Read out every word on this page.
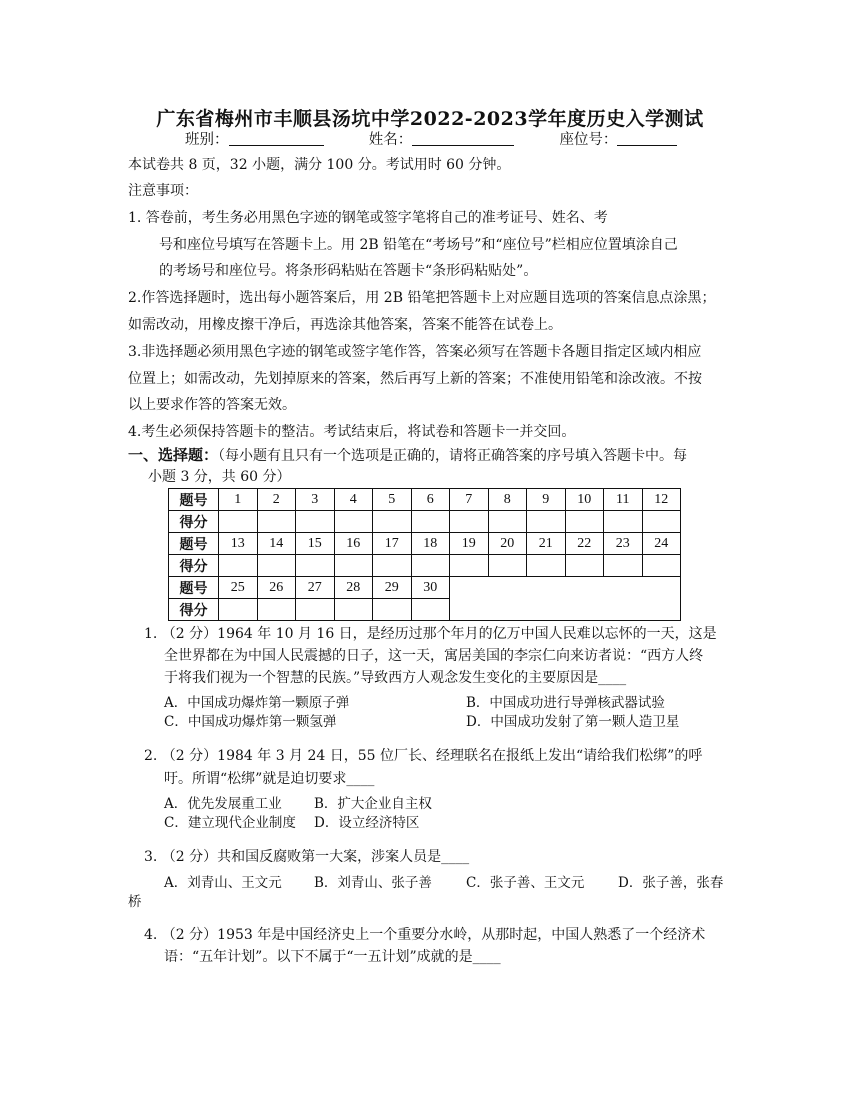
广东省梅州市丰顺县汤坑中学2022-2023学年度历史入学测试
班别：	姓名：	座位号：
本试卷共 8 页，32 小题，满分 100 分。考试用时 60 分钟。
注意事项：
1. 答卷前，考生务必用黑色字迹的钢笔或签字笔将自己的准考证号、姓名、考
号和座位号填写在答题卡上。用 2B 铅笔在“考场号”和“座位号”栏相应位置填涂自己
的考场号和座位号。将条形码粘贴在答题卡“条形码粘贴处”。
2.作答选择题时，选出每小题答案后，用 2B 铅笔把答题卡上对应题目选项的答案信息点涂黑；
如需改动，用橡皮擦干净后，再选涂其他答案，答案不能答在试卷上。
3.非选择题必须用黑色字迹的钢笔或签字笔作答，答案必须写在答题卡各题目指定区域内相应
位置上；如需改动，先划掉原来的答案，然后再写上新的答案；不准使用铅笔和涂改液。不按
以上要求作答的答案无效。
4.考生必须保持答题卡的整洁。考试结束后，将试卷和答题卡一并交回。
一、选择题：（每小题有且只有一个选项是正确的，请将正确答案的序号填入答题卡中。每
小题 3 分，共 60 分）
题号	1	2	3	4	5	6	7	8	9	10	11	12
得分												
题号	13	14	15	16	17	18	19	20	21	22	23	24
得分												
题号	25	26	27	28	29	30						
得分												
1. （2 分）1964 年 10 月 16 日，是经历过那个年月的亿万中国人民难以忘怀的一天，这是
全世界都在为中国人民震撼的日子，这一天，寓居美国的李宗仁向来访者说：“西方人终
于将我们视为一个智慧的民族。”导致西方人观念发生变化的主要原因是____
A．中国成功爆炸第一颗原子弹	B．中国成功进行导弹核武器试验
C．中国成功爆炸第一颗氢弹	D．中国成功发射了第一颗人造卫星
2. （2 分）1984 年 3 月 24 日，55 位厂长、经理联名在报纸上发出“请给我们松绑”的呼
吁。所谓“松绑”就是迫切要求____
A．优先发展重工业 B．扩大企业自主权
C．建立现代企业制度 D．设立经济特区
3. （2 分）共和国反腐败第一大案，涉案人员是____
A．刘青山、王文元 B．刘青山、张子善	C．张子善、王文元 D．张子善，张春
桥
4. （2 分）1953 年是中国经济史上一个重要分水岭，从那时起，中国人熟悉了一个经济术
语：“五年计划”。以下不属于“一五计划”成就的是____
